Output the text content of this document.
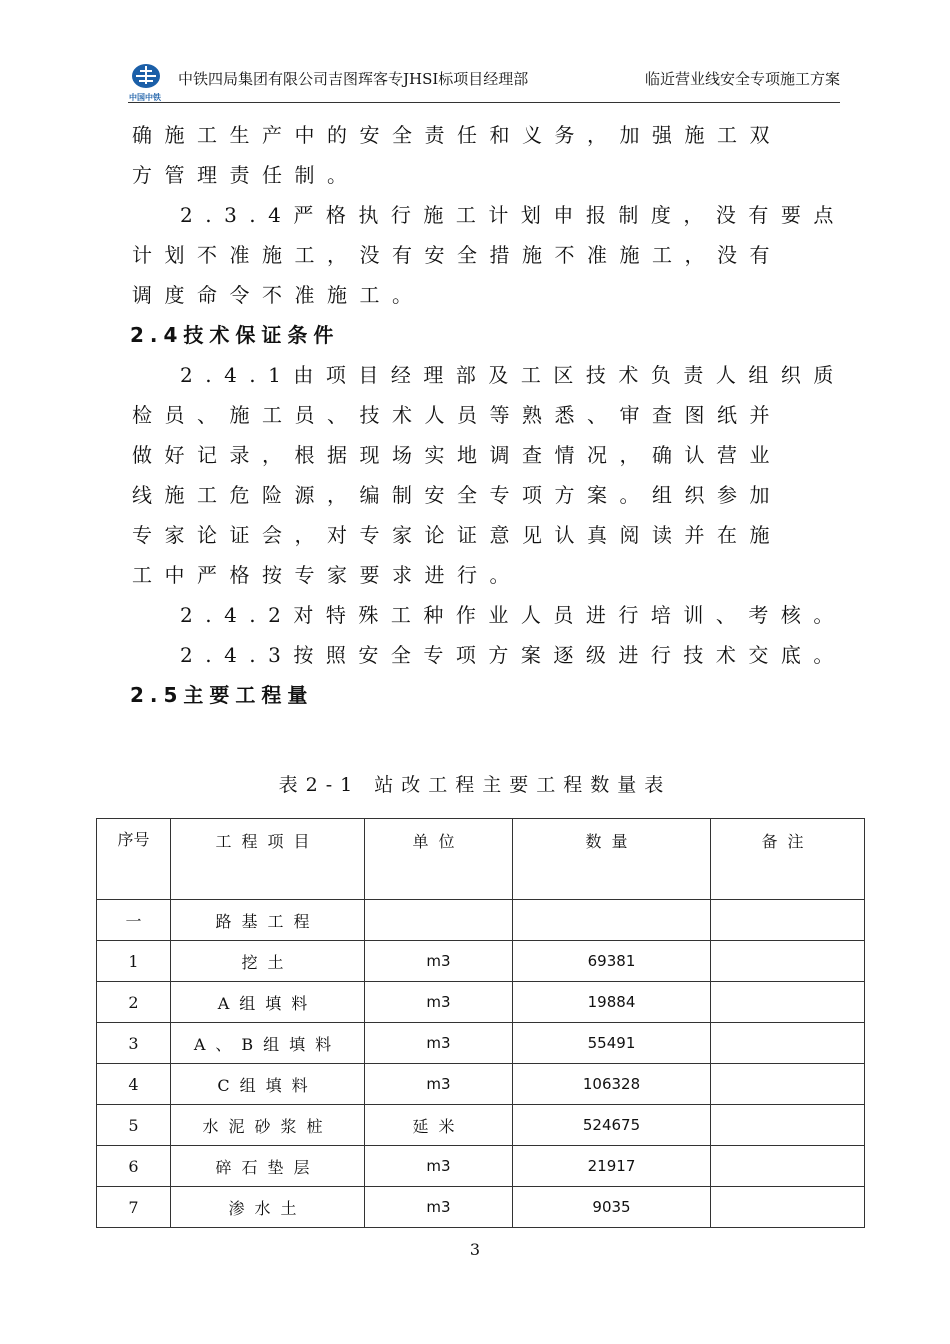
中国中铁
中铁四局集团有限公司吉图珲客专JHSⅠ标项目经理部	临近营业线安全专项施工方案
确施工生产中的安全责任和义务，加强施工双
方管理责任制。
2.3.4严格执行施工计划申报制度，没有要点
计划不准施工，没有安全措施不准施工，没有
调度命令不准施工。
2.4技术保证条件
2.4.1由项目经理部及工区技术负责人组织质
检员、施工员、技术人员等熟悉、审查图纸并
做好记录，根据现场实地调查情况，确认营业
线施工危险源，编制安全专项方案。组织参加
专家论证会，对专家论证意见认真阅读并在施
工中严格按专家要求进行。
2.4.2对特殊工种作业人员进行培训、考核。
2.4.3按照安全专项方案逐级进行技术交底。
2.5主要工程量
表2-1 站改工程主要工程数量表
序号	工程项目	单位	数量	备注

一	路基工程			
1	挖土	m3	69381	
2	A组填料	m3	19884	
3	A、B组填料	m3	55491	
4	C组填料	m3	106328	
5	水泥砂浆桩	延米	524675	
6	碎石垫层	m3	21917	
7	渗水土	m3	9035	
3
